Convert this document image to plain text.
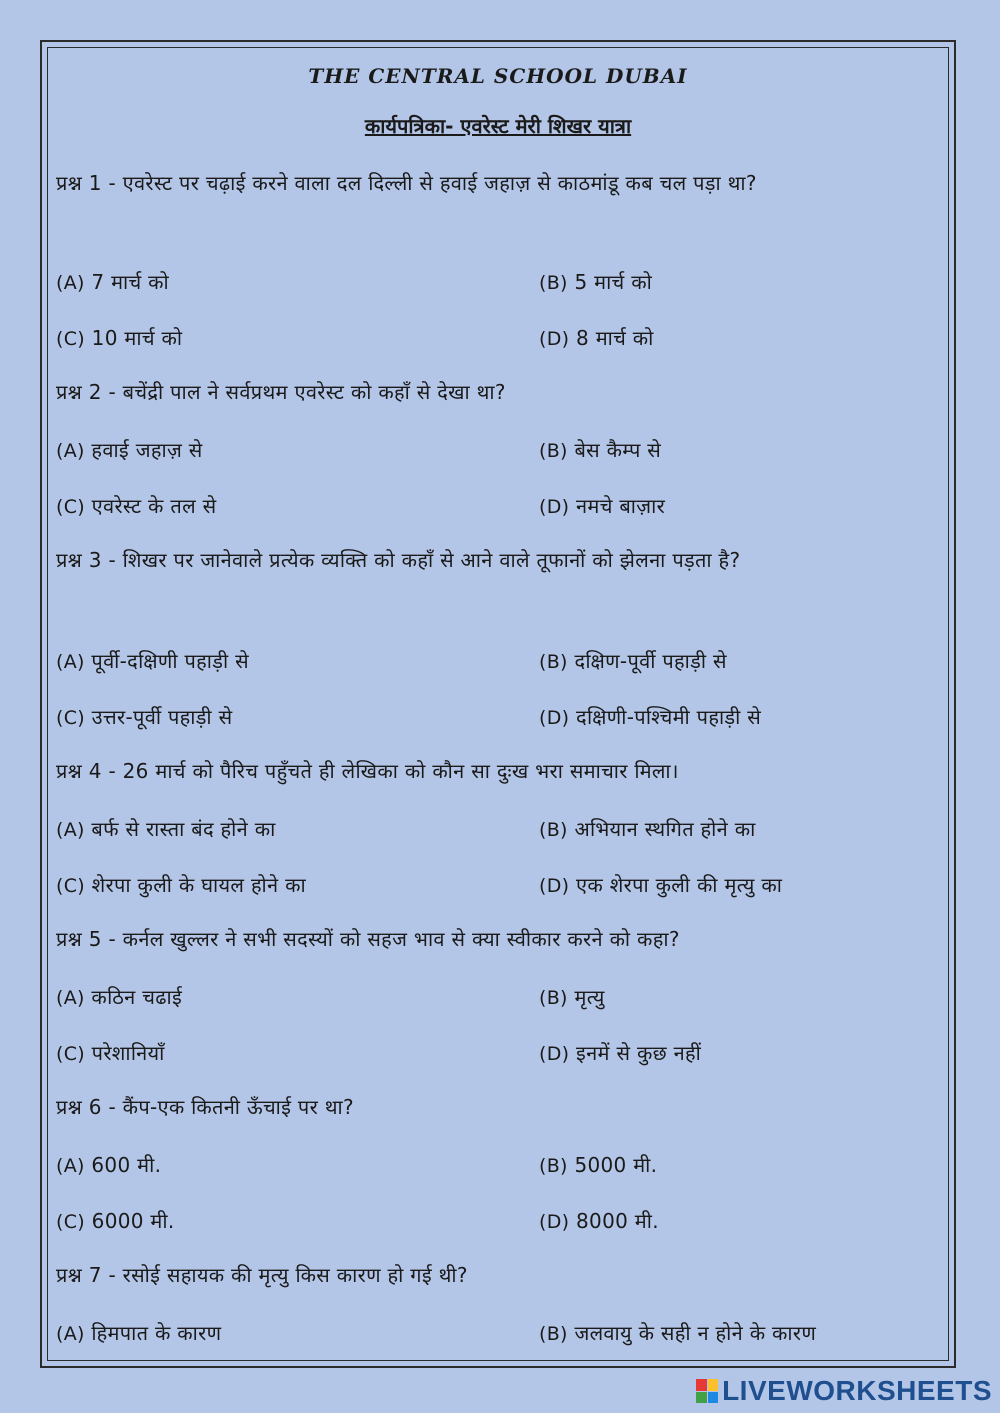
THE CENTRAL SCHOOL DUBAI
कार्यपत्रिका- एवरेस्ट मेरी शिखर यात्रा
प्रश्न 1 - एवरेस्ट पर चढ़ाई करने वाला दल दिल्ली से हवाई जहाज़ से काठमांडू कब चल पड़ा था?
(A) 7 मार्च को	(B) 5 मार्च को
(C) 10 मार्च को	(D) 8 मार्च को
प्रश्न 2 - बचेंद्री पाल ने सर्वप्रथम एवरेस्ट को कहाँ से देखा था?
(A) हवाई जहाज़ से	(B) बेस कैम्प से
(C) एवरेस्ट के तल से	(D) नमचे बाज़ार
प्रश्न 3 - शिखर पर जानेवाले प्रत्येक व्यक्ति को कहाँ से आने वाले तूफानों को झेलना पड़ता है?
(A) पूर्वी-दक्षिणी पहाड़ी से	(B) दक्षिण-पूर्वी पहाड़ी से
(C) उत्तर-पूर्वी पहाड़ी से	(D) दक्षिणी-पश्चिमी पहाड़ी से
प्रश्न 4 - 26 मार्च को पैरिच पहुँचते ही लेखिका को कौन सा दुःख भरा समाचार मिला।
(A) बर्फ से रास्ता बंद होने का	(B) अभियान स्थगित होने का
(C) शेरपा कुली के घायल होने का	(D) एक शेरपा कुली की मृत्यु का
प्रश्न 5 - कर्नल खुल्लर ने सभी सदस्यों को सहज भाव से क्या स्वीकार करने को कहा?
(A) कठिन चढाई	(B) मृत्यु
(C) परेशानियाँ	(D) इनमें से कुछ नहीं
प्रश्न 6 - कैंप-एक कितनी ऊँचाई पर था?
(A) 600 मी.	(B) 5000 मी.
(C) 6000 मी.	(D) 8000 मी.
प्रश्न 7 - रसोई सहायक की मृत्यु किस कारण हो गई थी?
(A) हिमपात के कारण	(B) जलवायु के सही न होने के कारण
LIVEWORKSHEETS
